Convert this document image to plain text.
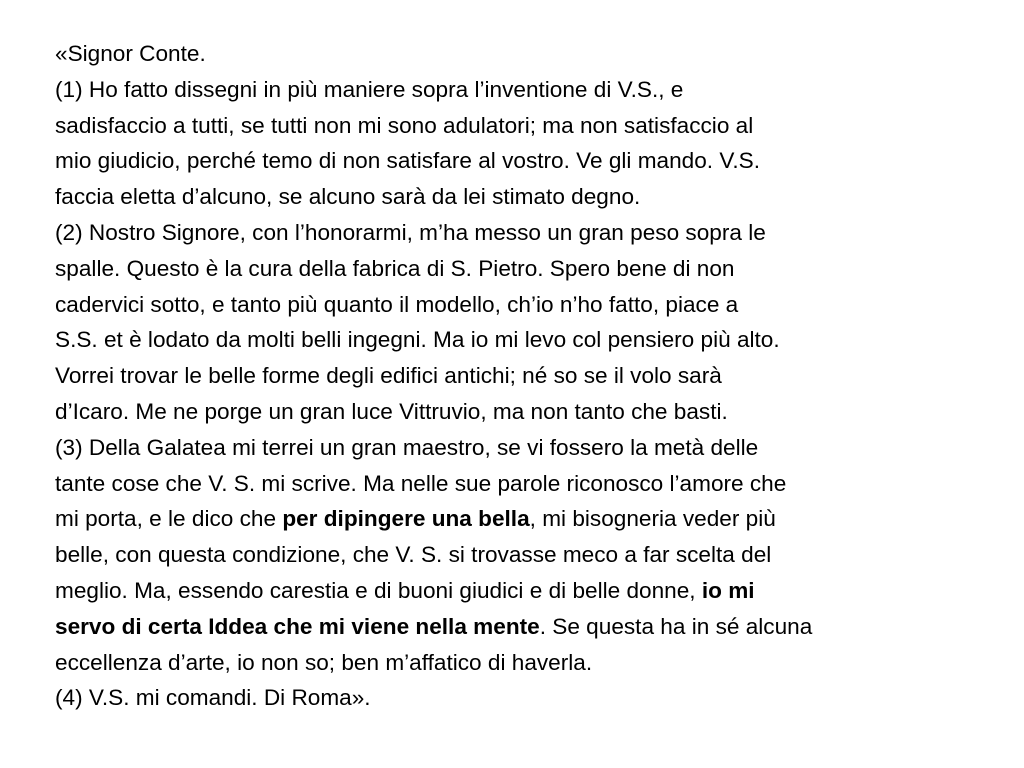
«Signor Conte.
(1) Ho fatto dissegni in più maniere sopra l’inventione di V.S., e
sadisfaccio a tutti, se tutti non mi sono adulatori; ma non satisfaccio al
mio giudicio, perché temo di non satisfare al vostro. Ve gli mando. V.S.
faccia eletta d’alcuno, se alcuno sarà da lei stimato degno.
(2) Nostro Signore, con l’honorarmi, m’ha messo un gran peso sopra le
spalle. Questo è la cura della fabrica di S. Pietro. Spero bene di non
cadervici sotto, e tanto più quanto il modello, ch’io n’ho fatto, piace a
S.S. et è lodato da molti belli ingegni. Ma io mi levo col pensiero più alto.
Vorrei trovar le belle forme degli edifici antichi; né so se il volo sarà
d’Icaro. Me ne porge un gran luce Vittruvio, ma non tanto che basti.
(3) Della Galatea mi terrei un gran maestro, se vi fossero la metà delle
tante cose che V. S. mi scrive. Ma nelle sue parole riconosco l’amore che
mi porta, e le dico che per dipingere una bella, mi bisogneria veder più
belle, con questa condizione, che V. S. si trovasse meco a far scelta del
meglio. Ma, essendo carestia e di buoni giudici e di belle donne, io mi
servo di certa Iddea che mi viene nella mente. Se questa ha in sé alcuna
eccellenza d’arte, io non so; ben m’affatico di haverla.
(4) V.S. mi comandi. Di Roma».
